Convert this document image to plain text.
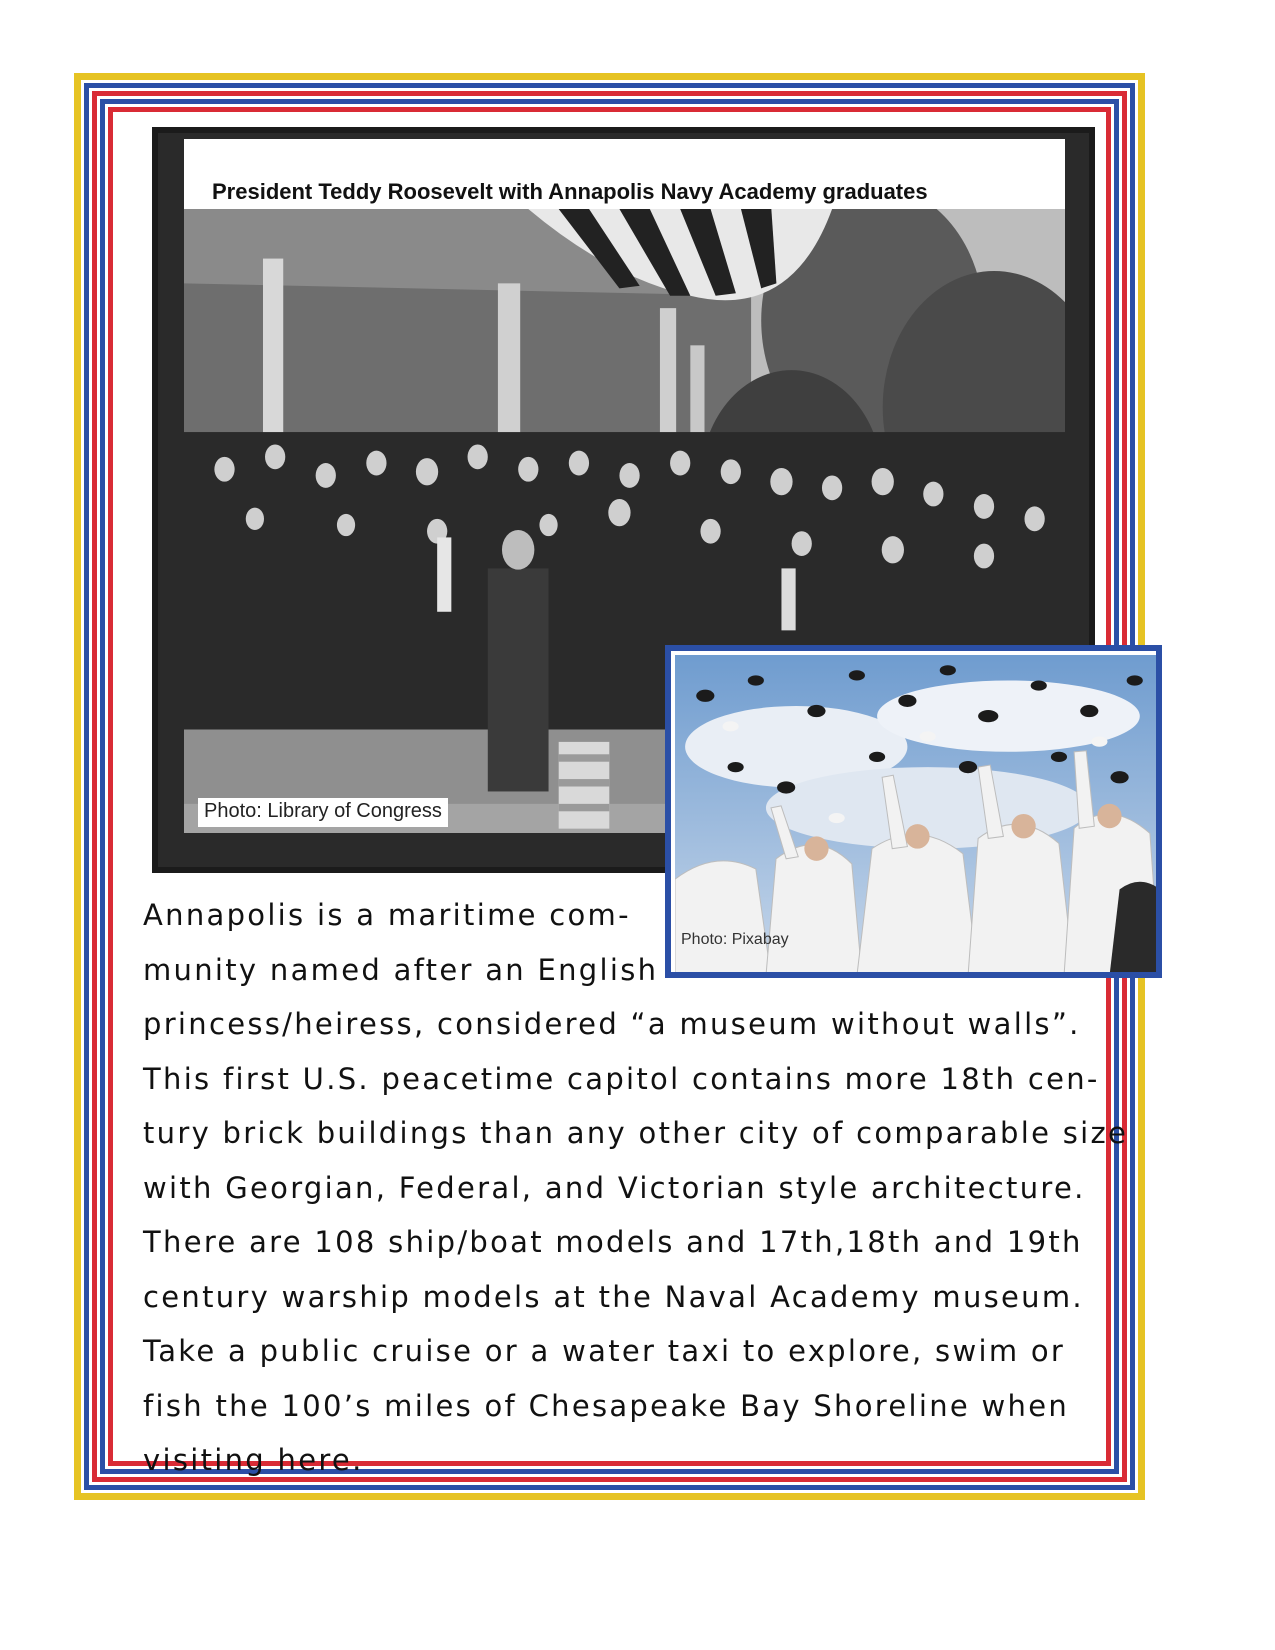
President Teddy Roosevelt with Annapolis Navy Academy graduates
Photo: Library of Congress
Photo: Pixabay
Annapolis is a maritime com-
munity named after an English
princess/heiress, considered “a museum without walls”.
This first U.S. peacetime capitol contains more 18th cen-
tury brick buildings than any other city of comparable size
with Georgian, Federal, and Victorian style architecture.
There are 108 ship/boat models and 17th,18th and 19th
century warship models at the Naval Academy museum.
Take a public cruise or a water taxi to explore, swim or
fish the 100’s miles of Chesapeake Bay Shoreline when
visiting here.
